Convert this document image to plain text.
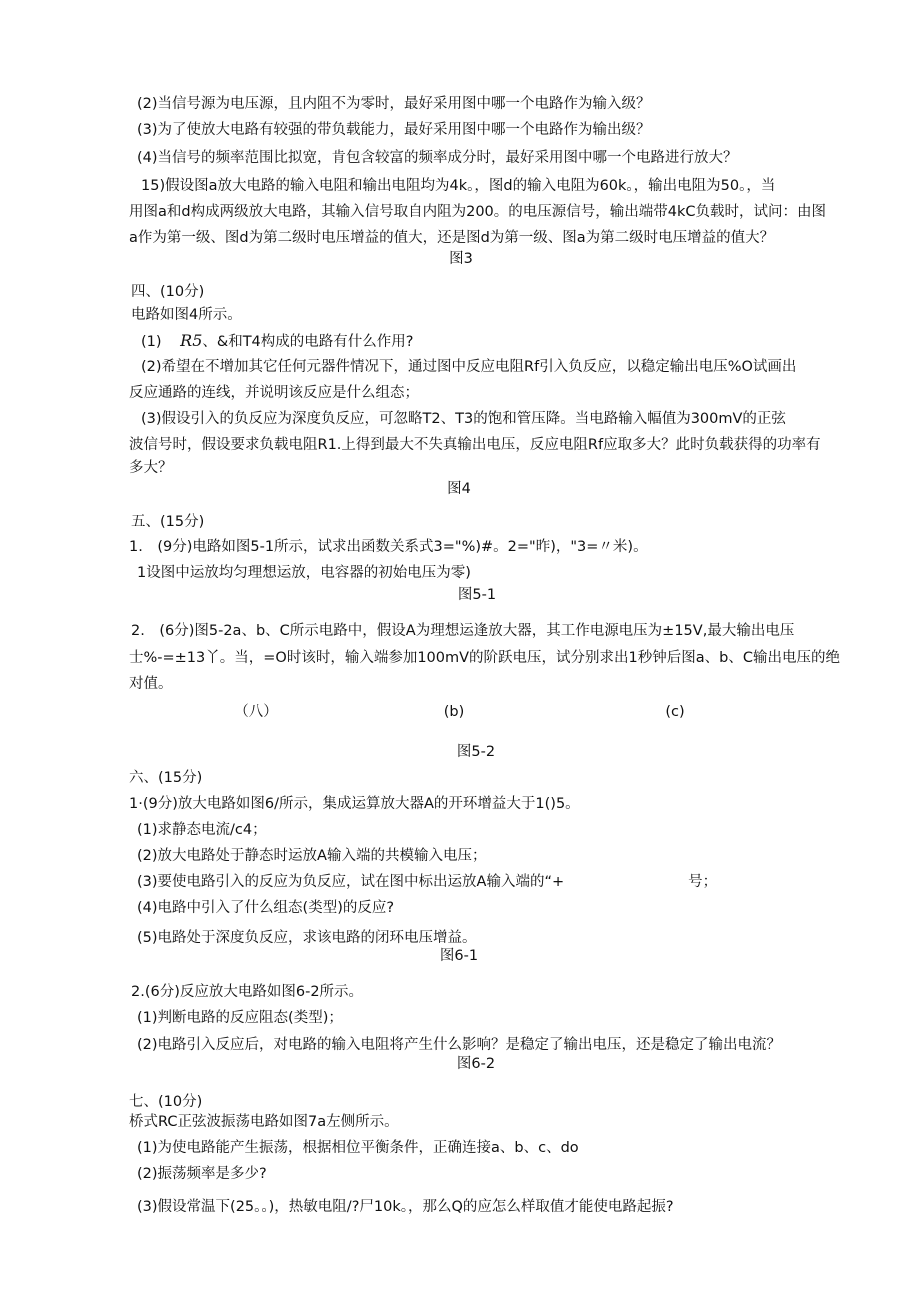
(2)当信号源为电压源，且内阻不为零时，最好采用图中哪一个电路作为输入级？
(3)为了使放大电路有较强的带负载能力，最好采用图中哪一个电路作为输出级？
(4)当信号的频率范围比拟宽，肯包含较富的频率成分时，最好采用图中哪一个电路进行放大？
15)假设图a放大电路的输入电阻和输出电阻均为4k。，图d的输入电阻为60k。，输出电阻为50。，当
用图a和d构成两级放大电路，其输入信号取自内阻为200。的电压源信号，输出端带4kC负载时，试问：由图
a作为第一级、图d为第二级时电压增益的值大，还是图d为第一级、图a为第二级时电压增益的值大？
图3
四、(10分)
电路如图4所示。
(1) R5、&和T4构成的电路有什么作用?
(2)希望在不增加其它任何元器件情况下，通过图中反应电阻Rf引入负反应，以稳定输出电压%O试画出
反应通路的连线，并说明该反应是什么组态；
(3)假设引入的负反应为深度负反应，可忽略T2、T3的饱和管压降。当电路输入幅值为300mV的正弦
波信号时，假设要求负载电阻R1.上得到最大不失真输出电压，反应电阻Rf应取多大？此时负载获得的功率有
多大？
图4
五、(15分)
1.　(9分)电路如图5-1所示，试求出函数关系式3="%)#。2="昨)，"3=〃米)。
1设图中运放均匀理想运放，电容器的初始电压为零)
图5-1
2.　(6分)图5-2a、b、C所示电路中，假设A为理想运逢放大器，其工作电源电压为±15V,最大输出电压
士%-=±13丫。当，=O时该时，输入端参加100mV的阶跃电压，试分别求出1秒钟后图a、b、C输出电压的绝
对值。
（八）	(b)	(c)
图5-2
六、(15分)
1·(9分)放大电路如图6/所示，集成运算放大器A的开环增益大于1()5。
(1)求静态电流/c4；
(2)放大电路处于静态时运放A输入端的共模输入电压；
(3)要使电路引入的反应为负反应，试在图中标出运放A输入端的“+	号；
(4)电路中引入了什么组态(类型)的反应?
(5)电路处于深度负反应，求该电路的闭环电压增益。
图6-1
2.(6分)反应放大电路如图6-2所示。
(1)判断电路的反应阻态(类型)；
(2)电路引入反应后，对电路的输入电阻将产生什么影响？是稳定了输出电压，还是稳定了输出电流？
图6-2
七、(10分)
桥式RC正弦波振荡电路如图7a左侧所示。
(1)为使电路能产生振荡，根据相位平衡条件，正确连接a、b、c、do
(2)振荡频率是多少?
(3)假设常温下(25。。)，热敏电阻/?尸10k。，那么Q的应怎么样取值才能使电路起振?
